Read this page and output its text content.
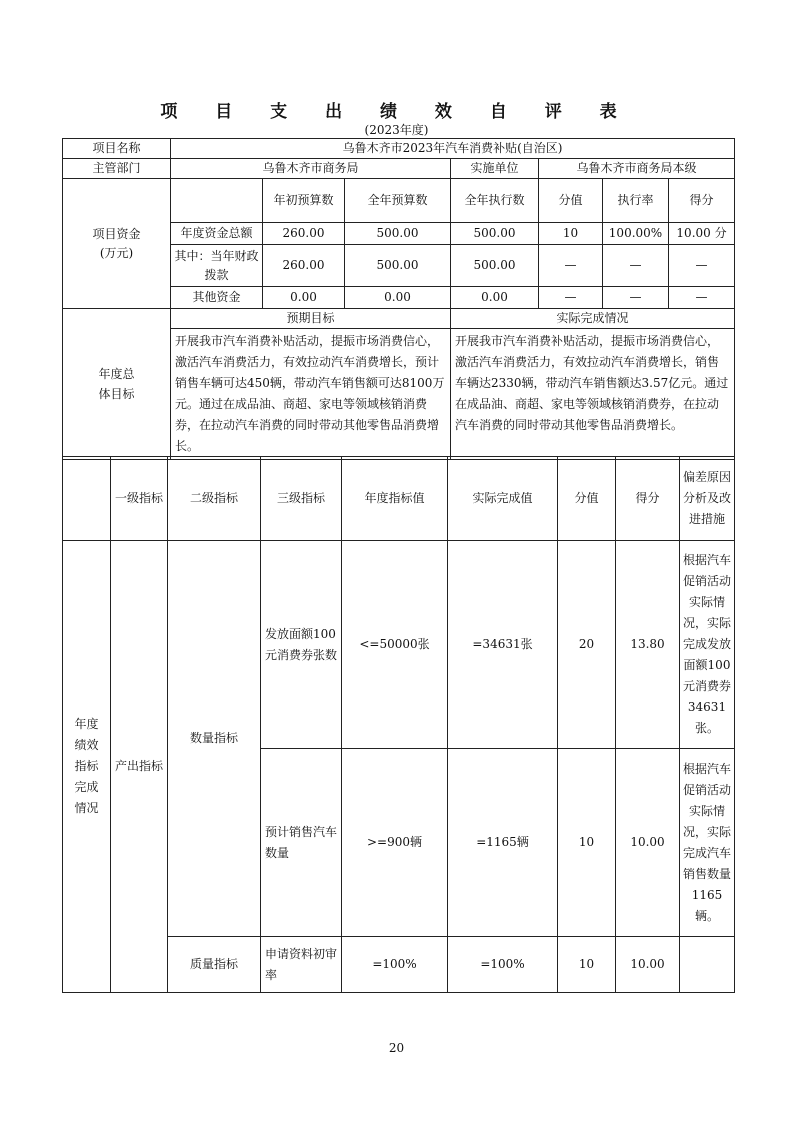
项 目 支 出 绩 效 自 评 表
(2023年度)
项目名称	乌鲁木齐市2023年汽车消费补贴(自治区)						
主管部门	乌鲁木齐市商务局			实施单位	乌鲁木齐市商务局本级		

项目资金
(万元)		年初预算数	全年预算数	全年执行数	分值	执行率	得分
	年度资金总额	260.00	500.00	500.00	10	100.00%	10.00 分
	其中：当年财政拨款	260.00	500.00	500.00	—	—	—
	其他资金	0.00	0.00	0.00	—	—	—

年度总体目标	预期目标			实际完成情况			
	开展我市汽车消费补贴活动，提振市场消费信心，激活汽车消费活力，有效拉动汽车消费增长，预计销售车辆可达450辆，带动汽车销售额可达8100万元。通过在成品油、商超、家电等领域核销消费券，在拉动汽车消费的同时带动其他零售品消费增长。			开展我市汽车消费补贴活动，提振市场消费信心，激活汽车消费活力，有效拉动汽车消费增长，销售车辆达2330辆，带动汽车销售额达3.57亿元。通过在成品油、商超、家电等领域核销消费券，在拉动汽车消费的同时带动其他零售品消费增长。			
	一级指标	二级指标	三级指标	年度指标值	实际完成值	分值	得分	偏差原因分析及改进措施

年度绩效指标完成情况	产出指标	数量指标	发放面额100元消费券张数	<=50000张	=34631张	20	13.80	根据汽车促销活动实际情况，实际完成发放面额100元消费券34631张。
			预计销售汽车数量	>=900辆	=1165辆	10	10.00	根据汽车促销活动实际情况，实际完成汽车销售数量1165辆。
		质量指标	申请资料初审率	=100%	=100%	10	10.00	
20
